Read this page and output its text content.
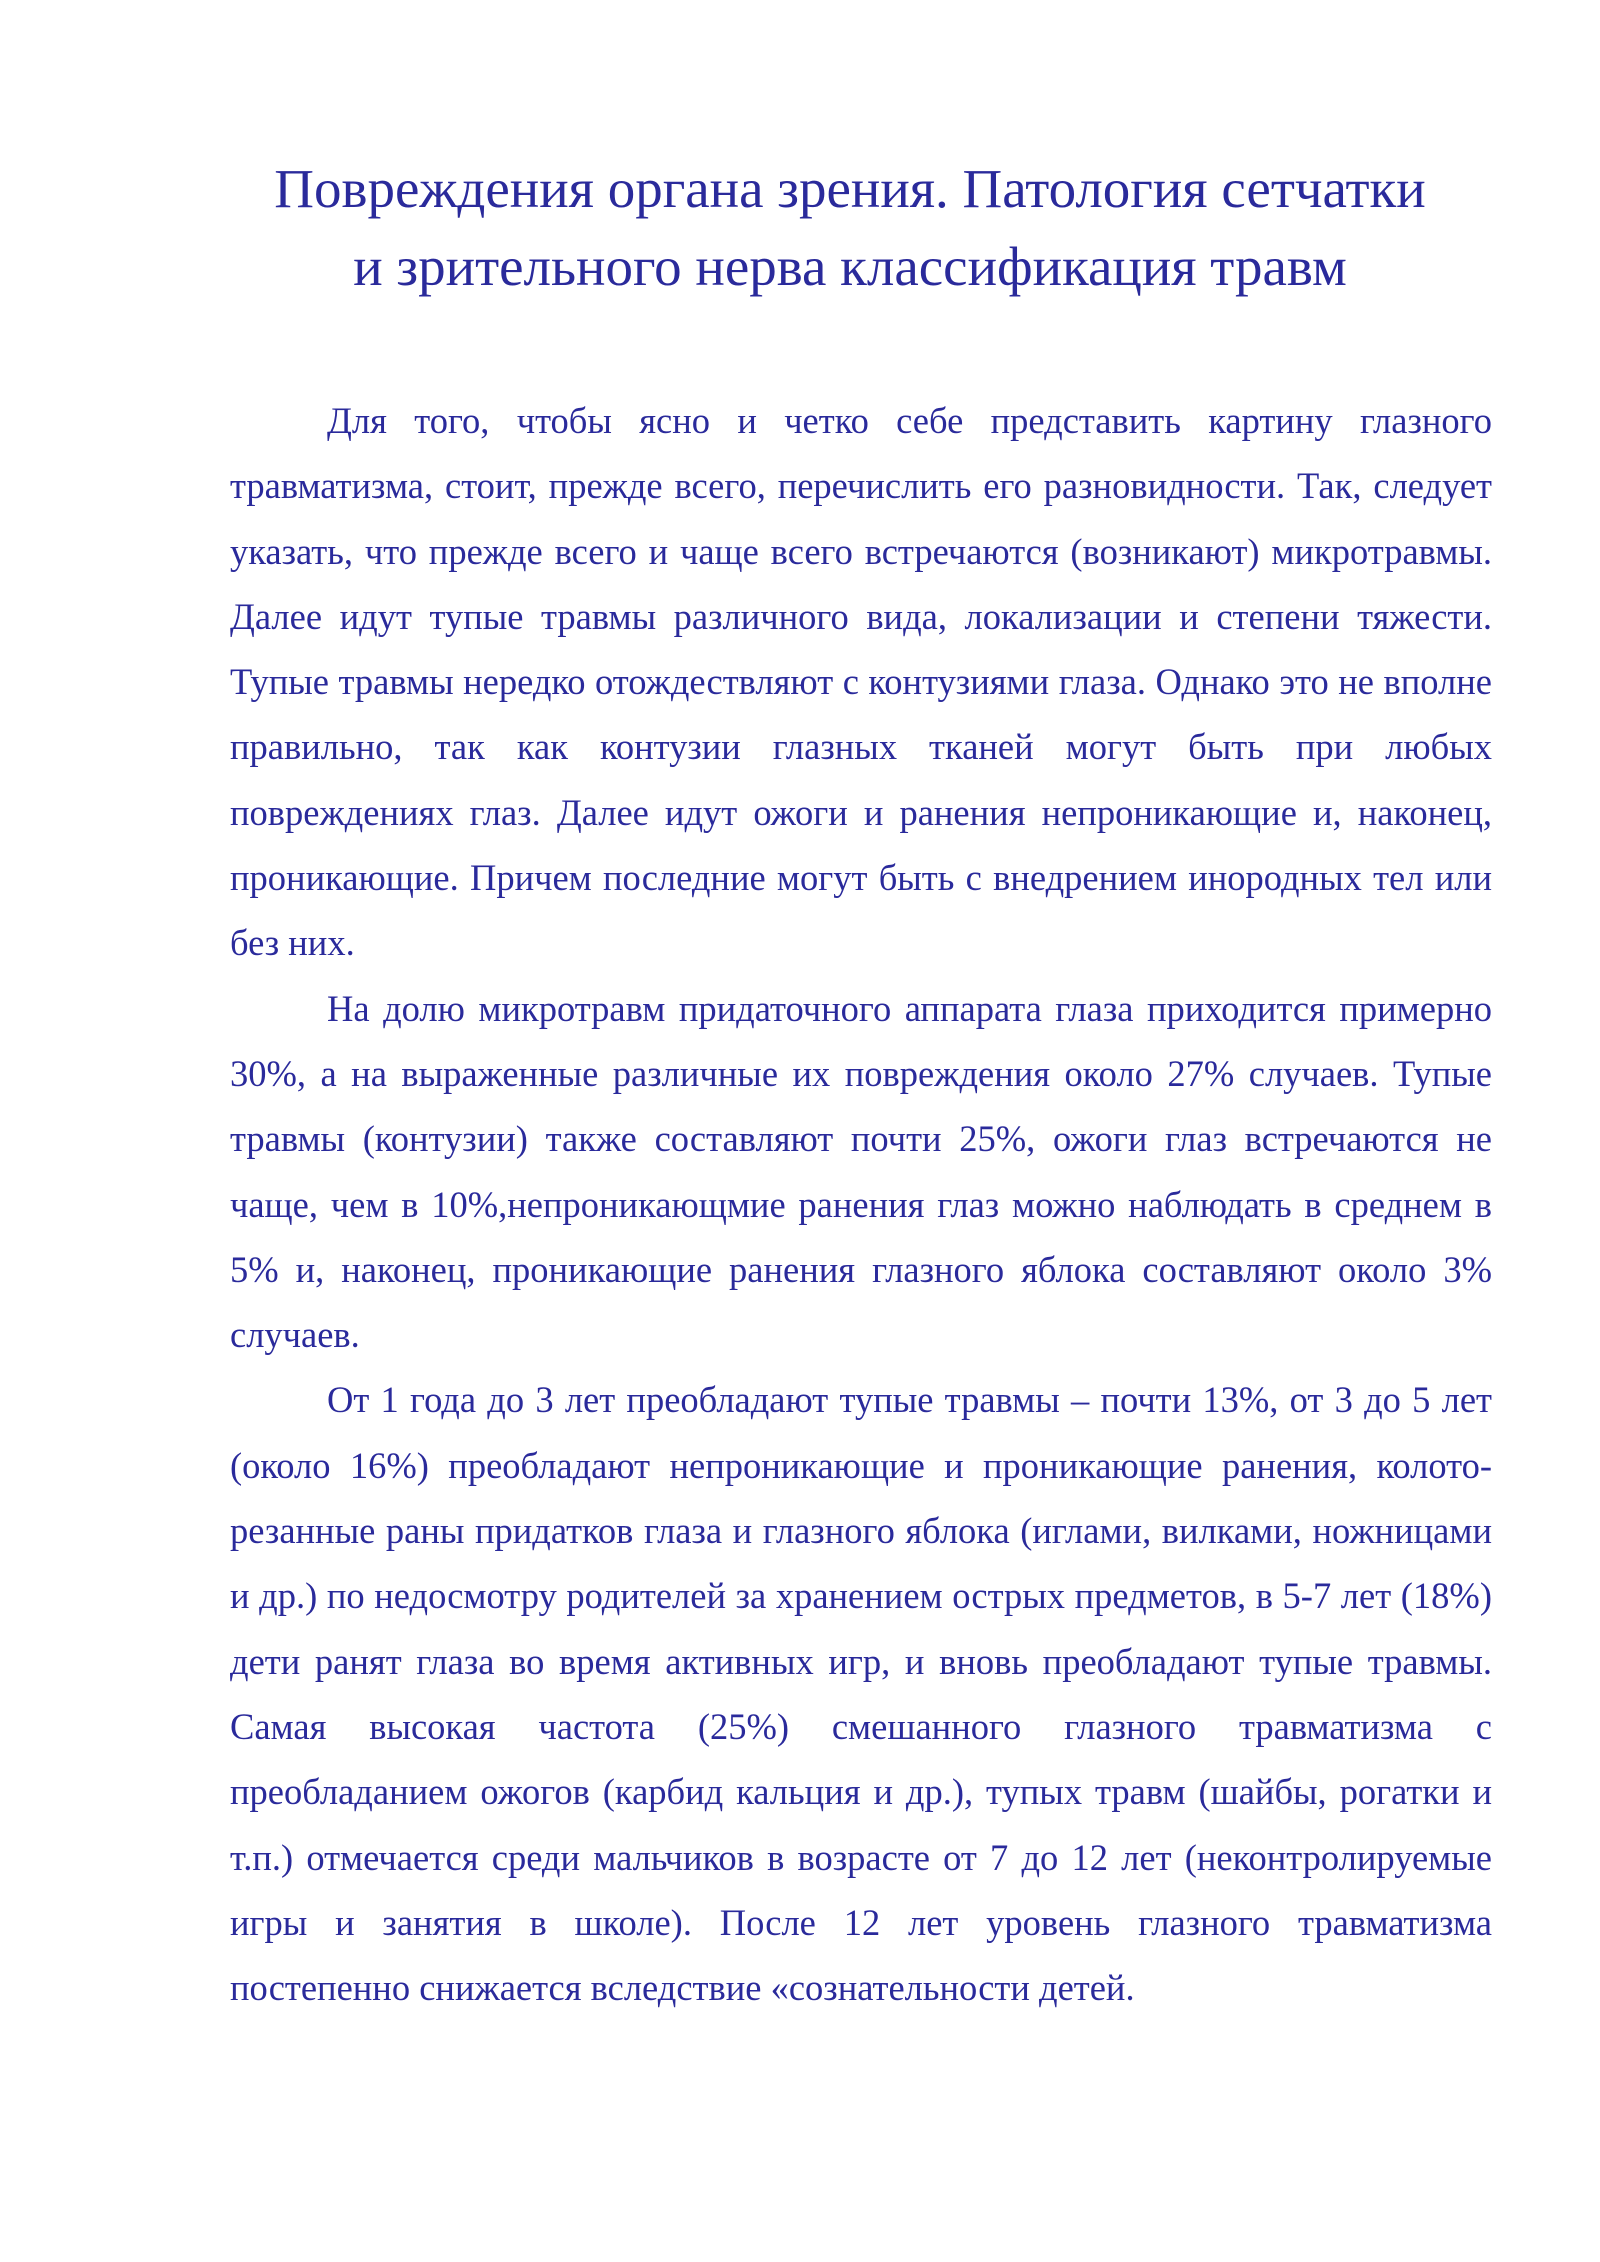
Повреждения органа зрения. Патология сетчатки
и зрительного нерва классификация травм

Для того, чтобы ясно и четко себе представить картину глазного травматизма, стоит, прежде всего, перечислить его разновидности. Так, следует указать, что прежде всего и чаще всего встречаются (возникают) микротравмы. Далее идут тупые травмы различного вида, локализации и степени тяжести. Тупые травмы нередко отождествляют с контузиями глаза. Однако это не вполне правильно, так как контузии глазных тканей могут быть при любых повреждениях глаз. Далее идут ожоги и ранения непроникающие и, наконец, проникающие. Причем последние могут быть с внедрением инородных тел или без них.

На долю микротравм придаточного аппарата глаза приходится примерно 30%, а на выраженные различные их повреждения около 27% случаев. Тупые травмы (контузии) также составляют почти 25%, ожоги глаз встречаются не чаще, чем в 10%,непроникающмие ранения глаз можно наблюдать в среднем в 5% и, наконец, проникающие ранения глазного яблока составляют около 3% случаев.

От 1 года до 3 лет преобладают тупые травмы – почти 13%, от 3 до 5 лет (около 16%) преобладают непроникающие и проникающие ранения, колото-резанные раны придатков глаза и глазного яблока (иглами, вилками, ножницами и др.) по недосмотру родителей за хранением острых предметов, в 5-7 лет (18%) дети ранят глаза во время активных игр, и вновь преобладают тупые травмы. Самая высокая частота (25%) смешанного глазного травматизма с преобладанием ожогов (карбид кальция и др.), тупых травм (шайбы, рогатки и т.п.) отмечается среди мальчиков в возрасте от 7 до 12 лет (неконтролируемые игры и занятия в школе). После 12 лет уровень глазного травматизма постепенно снижается вследствие «сознательности детей.
